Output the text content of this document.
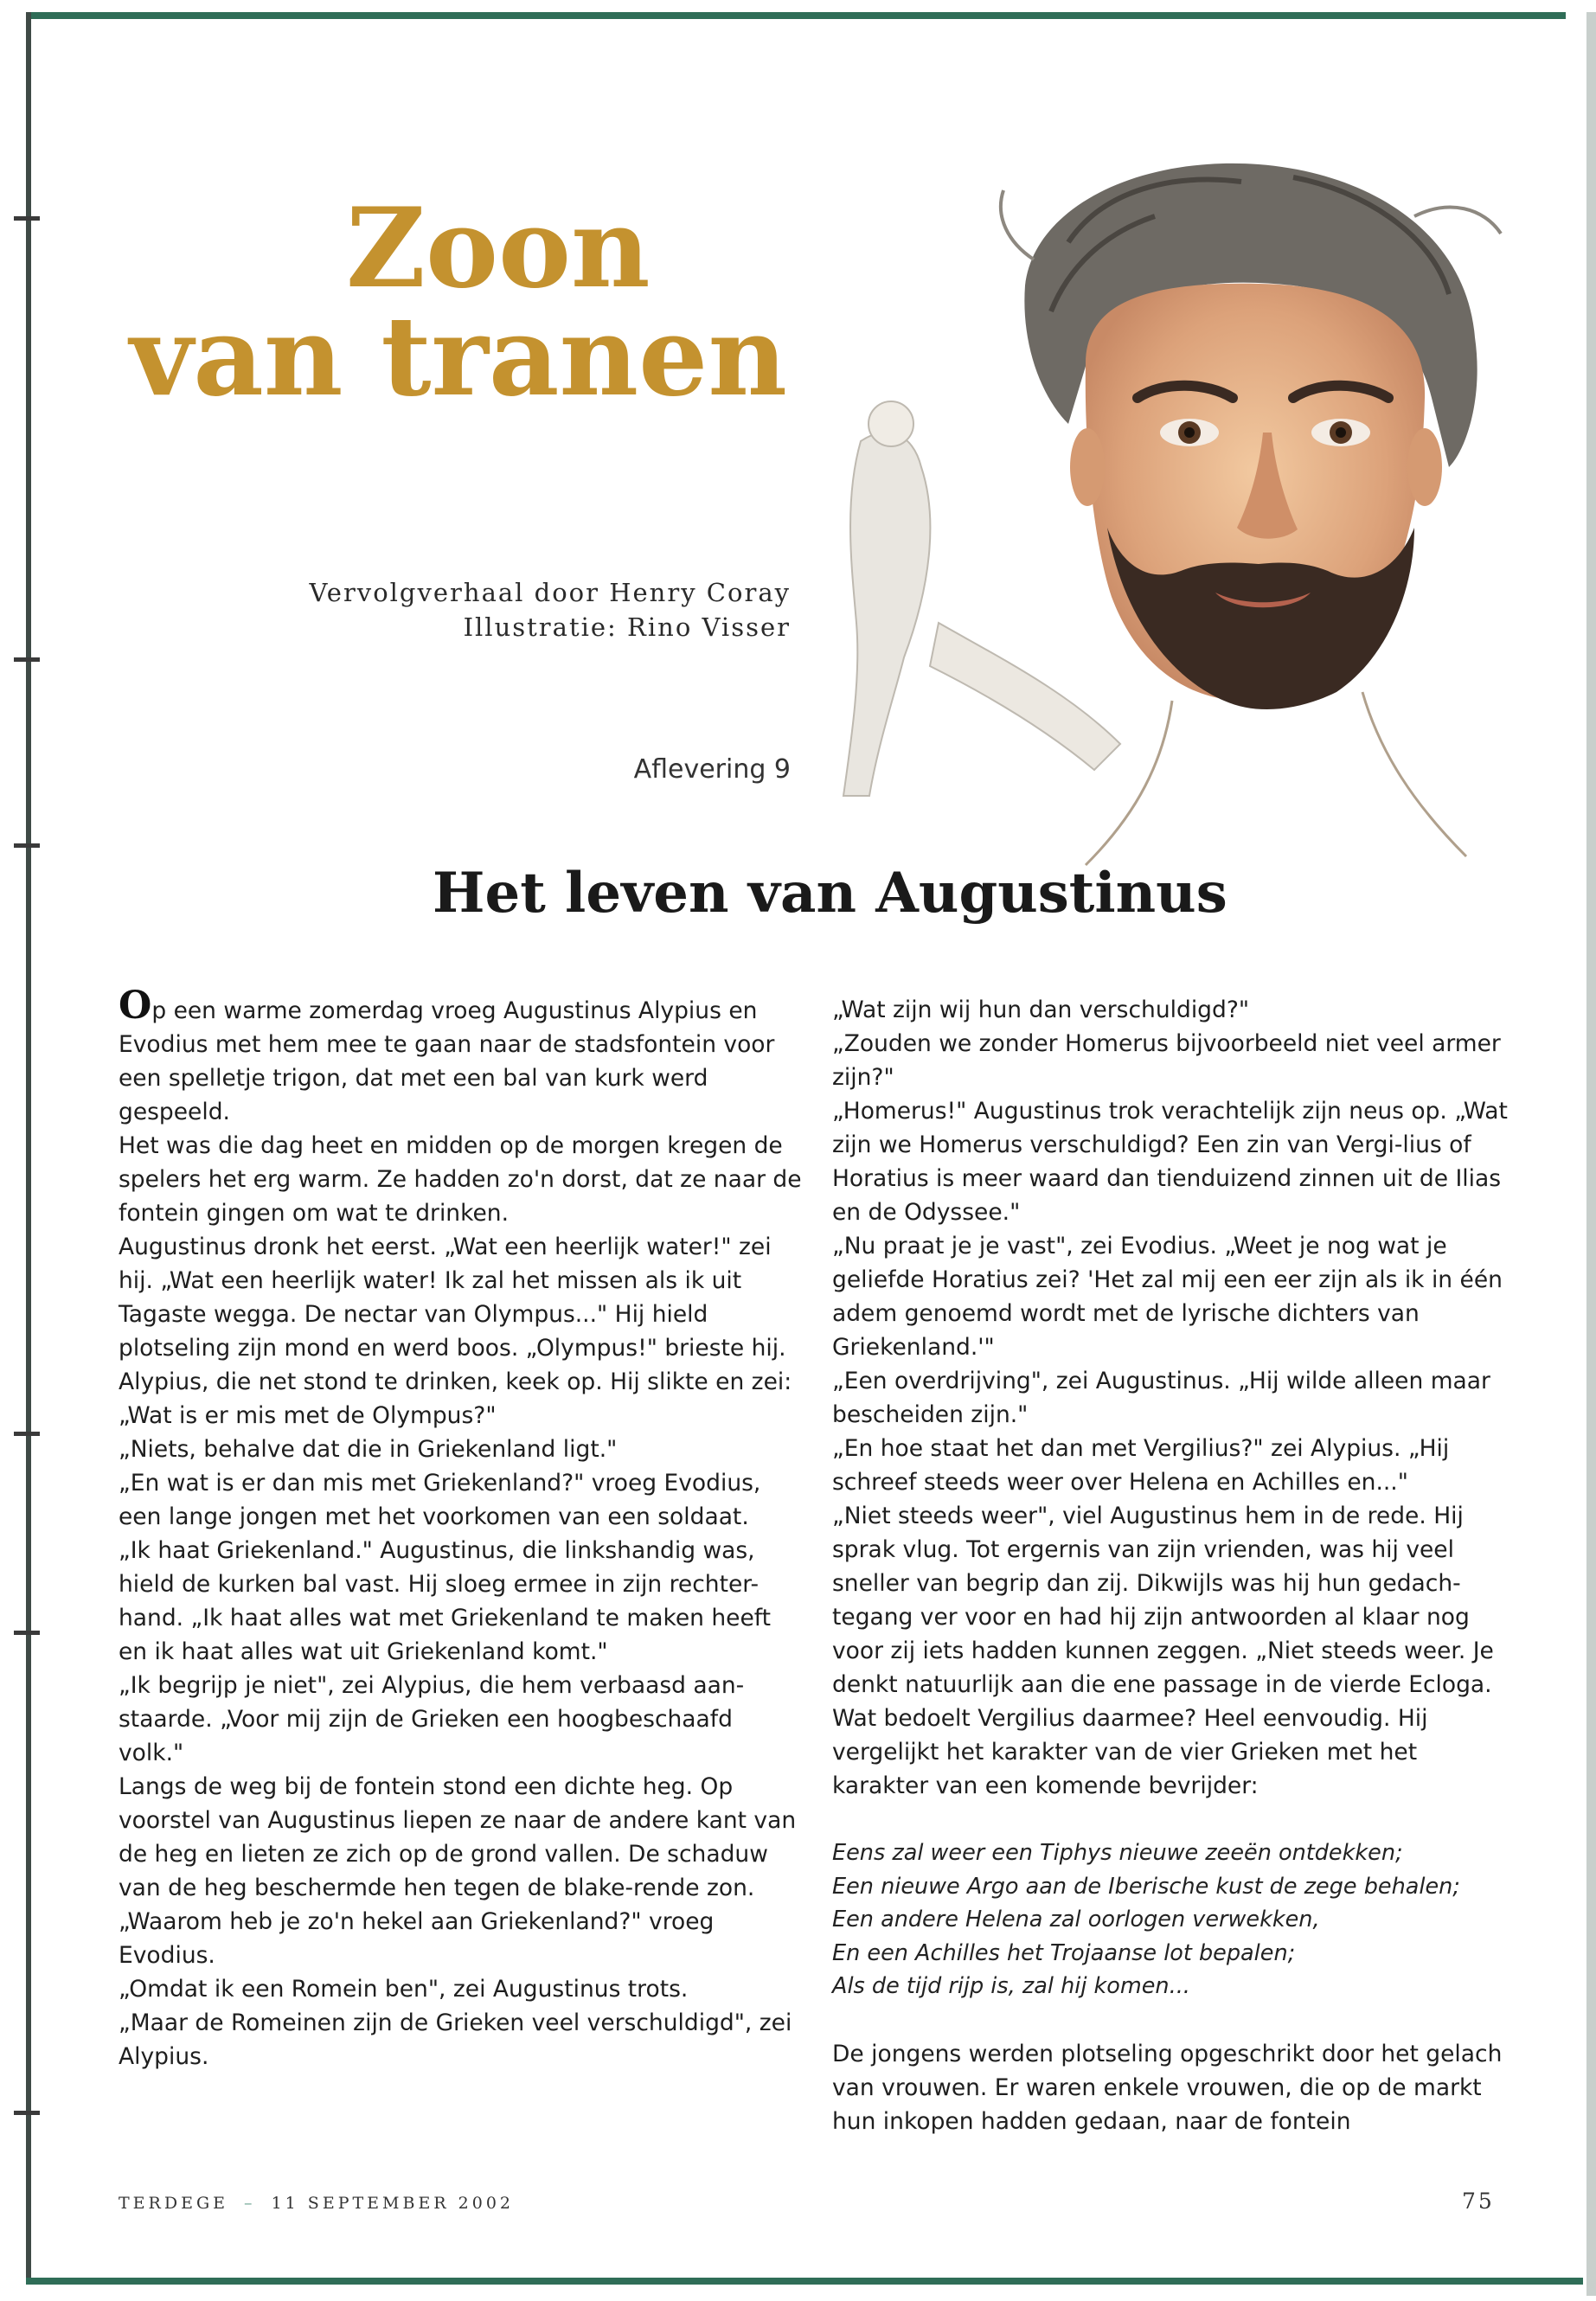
Zoon
van tranen
Vervolgverhaal door Henry Coray
Illustratie: Rino Visser
Aflevering 9
Het leven van Augustinus

Op een warme zomerdag vroeg Augustinus Alypius en Evodius met hem mee te gaan naar de stadsfontein voor een spelletje trigon, dat met een bal van kurk werd gespeeld.

Het was die dag heet en midden op de morgen kregen de spelers het erg warm. Ze hadden zo'n dorst, dat ze naar de fontein gingen om wat te drinken.

Augustinus dronk het eerst. „Wat een heerlijk water!" zei hij. „Wat een heerlijk water! Ik zal het missen als ik uit Tagaste wegga. De nectar van Olympus..." Hij hield plotseling zijn mond en werd boos. „Olympus!" brieste hij.

Alypius, die net stond te drinken, keek op. Hij slikte en zei: „Wat is er mis met de Olympus?"

„Niets, behalve dat die in Griekenland ligt."

„En wat is er dan mis met Griekenland?" vroeg Evodius, een lange jongen met het voorkomen van een soldaat.

„Ik haat Griekenland." Augustinus, die linkshandig was, hield de kurken bal vast. Hij sloeg ermee in zijn rechter-hand. „Ik haat alles wat met Griekenland te maken heeft en ik haat alles wat uit Griekenland komt."

„Ik begrijp je niet", zei Alypius, die hem verbaasd aan-staarde. „Voor mij zijn de Grieken een hoogbeschaafd volk."

Langs de weg bij de fontein stond een dichte heg. Op voorstel van Augustinus liepen ze naar de andere kant van de heg en lieten ze zich op de grond vallen. De schaduw van de heg beschermde hen tegen de blake-rende zon.

„Waarom heb je zo'n hekel aan Griekenland?" vroeg Evodius.

„Omdat ik een Romein ben", zei Augustinus trots.

„Maar de Romeinen zijn de Grieken veel verschuldigd", zei Alypius.

„Wat zijn wij hun dan verschuldigd?"

„Zouden we zonder Homerus bijvoorbeeld niet veel armer zijn?"

„Homerus!" Augustinus trok verachtelijk zijn neus op. „Wat zijn we Homerus verschuldigd? Een zin van Vergi-lius of Horatius is meer waard dan tienduizend zinnen uit de Ilias en de Odyssee."

„Nu praat je je vast", zei Evodius. „Weet je nog wat je geliefde Horatius zei? 'Het zal mij een eer zijn als ik in één adem genoemd wordt met de lyrische dichters van Griekenland.'"

„Een overdrijving", zei Augustinus. „Hij wilde alleen maar bescheiden zijn."

„En hoe staat het dan met Vergilius?" zei Alypius. „Hij schreef steeds weer over Helena en Achilles en..."

„Niet steeds weer", viel Augustinus hem in de rede. Hij sprak vlug. Tot ergernis van zijn vrienden, was hij veel sneller van begrip dan zij. Dikwijls was hij hun gedach-tegang ver voor en had hij zijn antwoorden al klaar nog voor zij iets hadden kunnen zeggen. „Niet steeds weer. Je denkt natuurlijk aan die ene passage in de vierde Ecloga. Wat bedoelt Vergilius daarmee? Heel eenvoudig. Hij vergelijkt het karakter van de vier Grieken met het karakter van een komende bevrijder:

Eens zal weer een Tiphys nieuwe zeeën ontdekken;

Een nieuwe Argo aan de Iberische kust de zege behalen;

Een andere Helena zal oorlogen verwekken,

En een Achilles het Trojaanse lot bepalen;

Als de tijd rijp is, zal hij komen...

De jongens werden plotseling opgeschrikt door het gelach van vrouwen. Er waren enkele vrouwen, die op de markt hun inkopen hadden gedaan, naar de fontein

TERDEGE – 11 SEPTEMBER 2002	75
